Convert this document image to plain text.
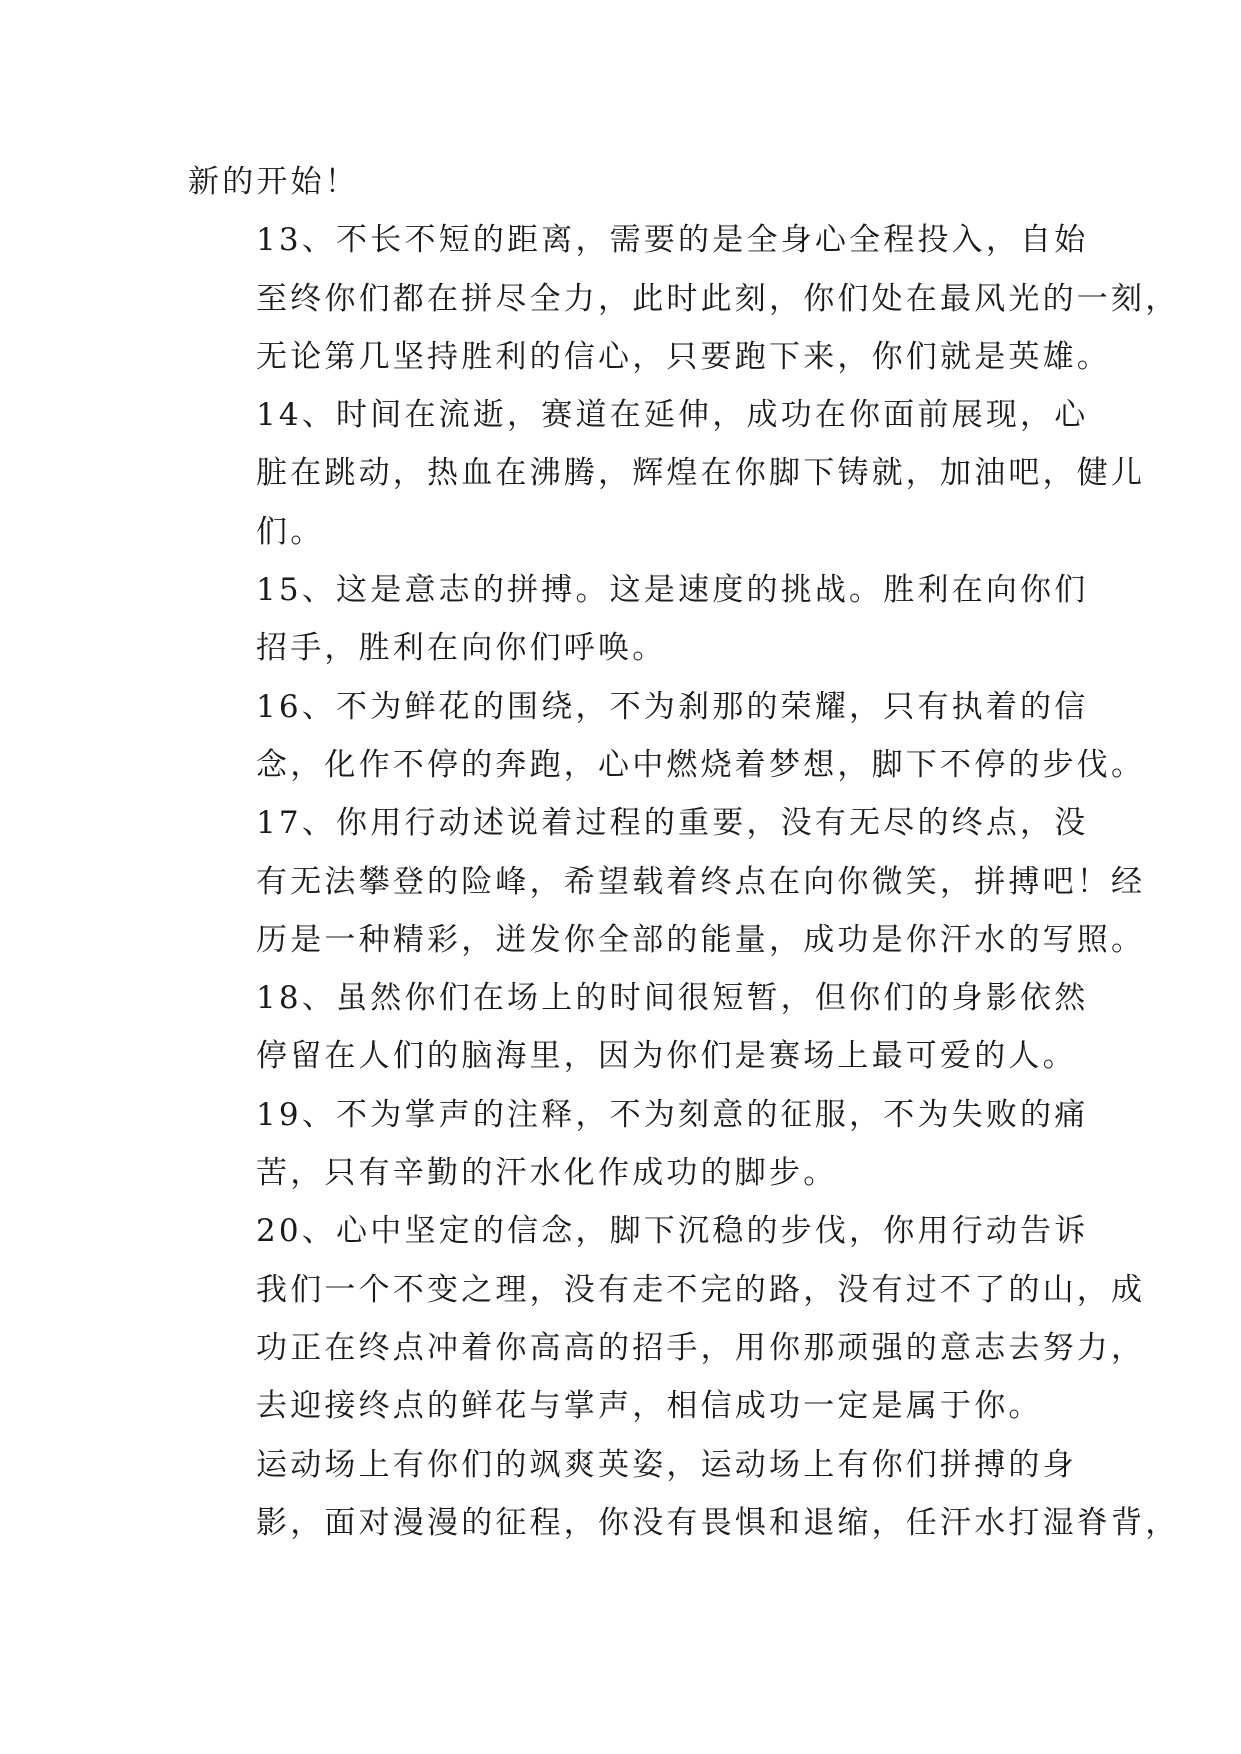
新的开始！

13、不长不短的距离，需要的是全身心全程投入，自始
至终你们都在拼尽全力，此时此刻，你们处在最风光的一刻，
无论第几坚持胜利的信心，只要跑下来，你们就是英雄。

14、时间在流逝，赛道在延伸，成功在你面前展现，心
脏在跳动，热血在沸腾，辉煌在你脚下铸就，加油吧，健儿
们。

15、这是意志的拼搏。这是速度的挑战。胜利在向你们
招手，胜利在向你们呼唤。

16、不为鲜花的围绕，不为刹那的荣耀，只有执着的信
念，化作不停的奔跑，心中燃烧着梦想，脚下不停的步伐。

17、你用行动述说着过程的重要，没有无尽的终点，没
有无法攀登的险峰，希望载着终点在向你微笑，拼搏吧！经
历是一种精彩，迸发你全部的能量，成功是你汗水的写照。

18、虽然你们在场上的时间很短暂，但你们的身影依然
停留在人们的脑海里，因为你们是赛场上最可爱的人。

19、不为掌声的注释，不为刻意的征服，不为失败的痛
苦，只有辛勤的汗水化作成功的脚步。

20、心中坚定的信念，脚下沉稳的步伐，你用行动告诉
我们一个不变之理，没有走不完的路，没有过不了的山，成
功正在终点冲着你高高的招手，用你那顽强的意志去努力，
去迎接终点的鲜花与掌声，相信成功一定是属于你。

运动场上有你们的飒爽英姿，运动场上有你们拼搏的身
影，面对漫漫的征程，你没有畏惧和退缩，任汗水打湿脊背，
